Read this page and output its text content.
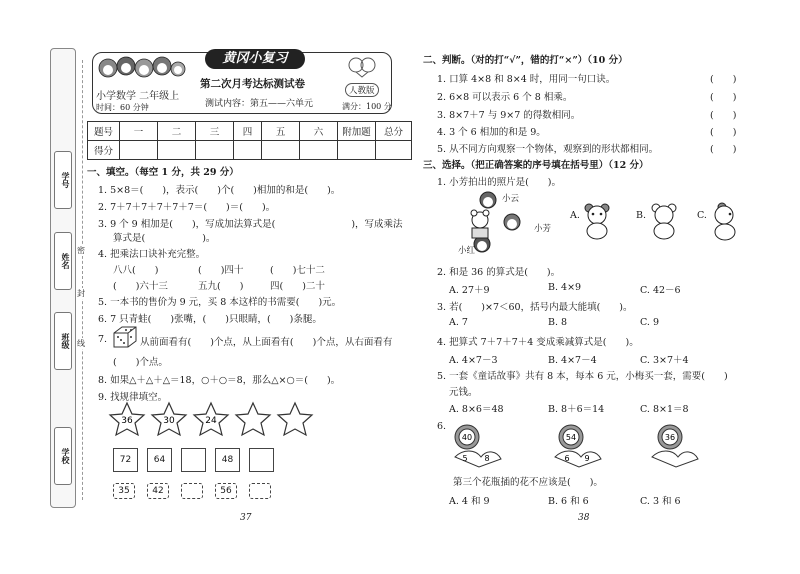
学号
姓名
班级
学校
密
封
线
黄冈小复习
小学数学 二年级上
第二次月考达标测试卷
人教版
时间：60 分钟	测试内容：第五——六单元	满分：100 分
题号	一	二	三	四	五	六	附加题	总分
得分								
一、填空。（每空 1 分，共 29 分）
1. 5×8＝(　　)，表示(　　)个(　　)相加的和是(　　)。
2. 7＋7＋7＋7＋7＋7＝(　　)＝(　　)。
3. 9 个 9 相加是(　　)，写成加法算式是(　　　　　　　　)，写成乘法
算式是(　　　　　　)。
4. 把乘法口诀补充完整。
八八(　　)	(　　)四十	(　　)七十二
(　　)六十三	五九(　　)	四(　　)二十
5. 一本书的售价为 9 元，买 8 本这样的书需要(　　)元。
6. 7 只青蛙(　　)张嘴，(　　)只眼睛，(　　)条腿。
7.	从前面看有(　　)个点，从上面看有(　　)个点，从右面看有
(　　)个点。
8. 如果△＋△＋△＝18，○＋○＝8，那么△×○＝(　　)。
9. 找规律填空。
36	30	24
72	64	48
35	42	56
37
二、判断。（对的打“√”，错的打“×”）（10 分）
1. 口算 4×8 和 8×4 时，用同一句口诀。	(　　)
2. 6×8 可以表示 6 个 8 相乘。	(　　)
3. 8×7＋7 与 9×7 的得数相同。	(　　)
4. 3 个 6 相加的和是 9。	(　　)
5. 从不同方向观察一个物体，观察到的形状都相同。	(　　)
三、选择。（把正确答案的序号填在括号里）（12 分）
1. 小芳拍出的照片是(　　)。
小云
小芳
小红
A.	B.	C.
2. 和是 36 的算式是(　　)。
A. 27＋9	B. 4×9	C. 42－6
3. 若(　　)×7＜60，括号内最大能填(　　)。
A. 7	B. 8	C. 9
4. 把算式 7＋7＋7＋4 变成乘减算式是(　　)。
A. 4×7－3	B. 4×7－4	C. 3×7＋4
5. 一套《童话故事》共有 8 本，每本 6 元，小梅买一套，需要(　　)
元钱。
A. 8×6＝48	B. 8＋6＝14	C. 8×1＝8
6.
40
5 8
54
6 9
36
第三个花瓶插的花不应该是(　　)。
A. 4 和 9	B. 6 和 6	C. 3 和 6
38
